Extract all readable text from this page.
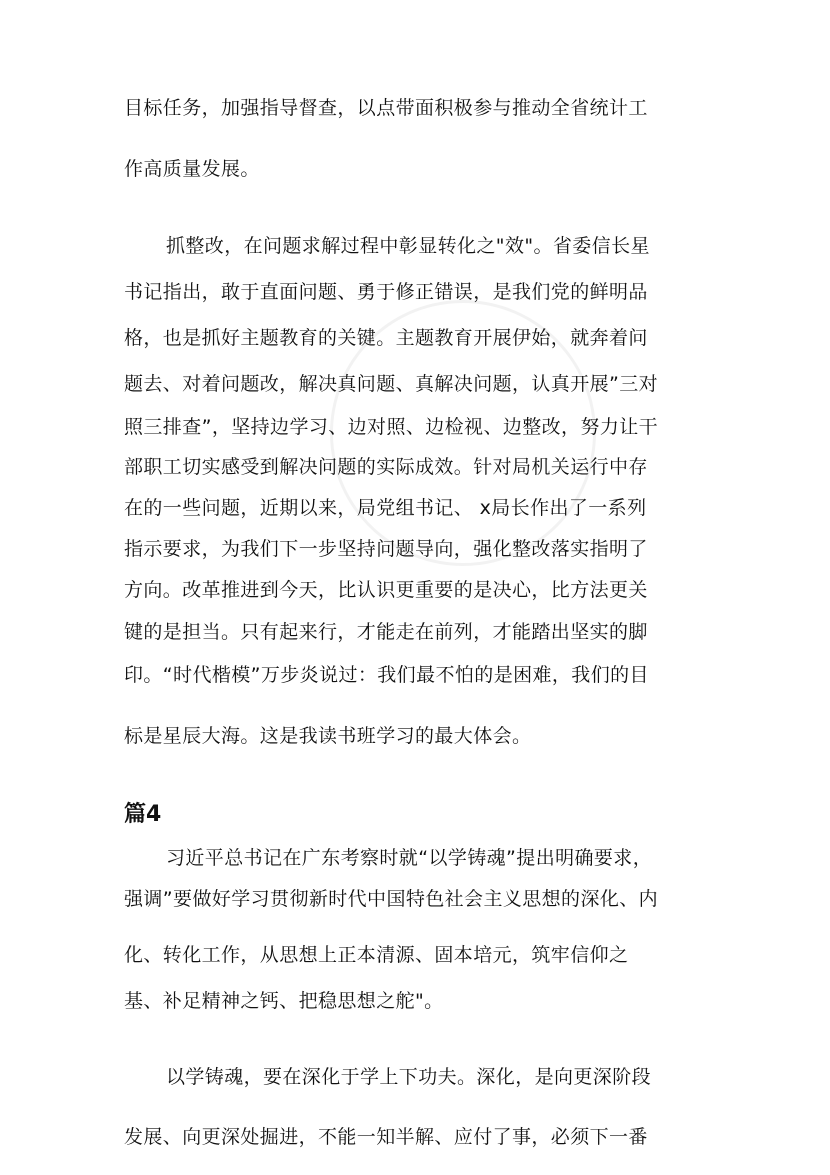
目标任务，加强指导督查，以点带面积极参与推动全省统计工
作高质量发展。
抓整改，在问题求解过程中彰显转化之"效"。省委信长星
书记指出，敢于直面问题、勇于修正错误，是我们党的鲜明品
格，也是抓好主题教育的关键。主题教育开展伊始，就奔着问
题去、对着问题改，解决真问题、真解决问题，认真开展”三对
照三排查”，坚持边学习、边对照、边检视、边整改，努力让干
部职工切实感受到解决问题的实际成效。针对局机关运行中存
在的一些问题，近期以来，局党组书记、 x局长作出了一系列
指示要求，为我们下一步坚持问题导向，强化整改落实指明了
方向。改革推进到今天，比认识更重要的是决心，比方法更关
键的是担当。只有起来行，才能走在前列，才能踏出坚实的脚
印。“时代楷模”万步炎说过：我们最不怕的是困难，我们的目
标是星辰大海。这是我读书班学习的最大体会。
篇4
习近平总书记在广东考察时就“以学铸魂”提出明确要求，
强调”要做好学习贯彻新时代中国特色社会主义思想的深化、内
化、转化工作，从思想上正本清源、固本培元，筑牢信仰之
基、补足精神之钙、把稳思想之舵"。
以学铸魂，要在深化于学上下功夫。深化，是向更深阶段
发展、向更深处掘进，不能一知半解、应付了事，必须下一番
